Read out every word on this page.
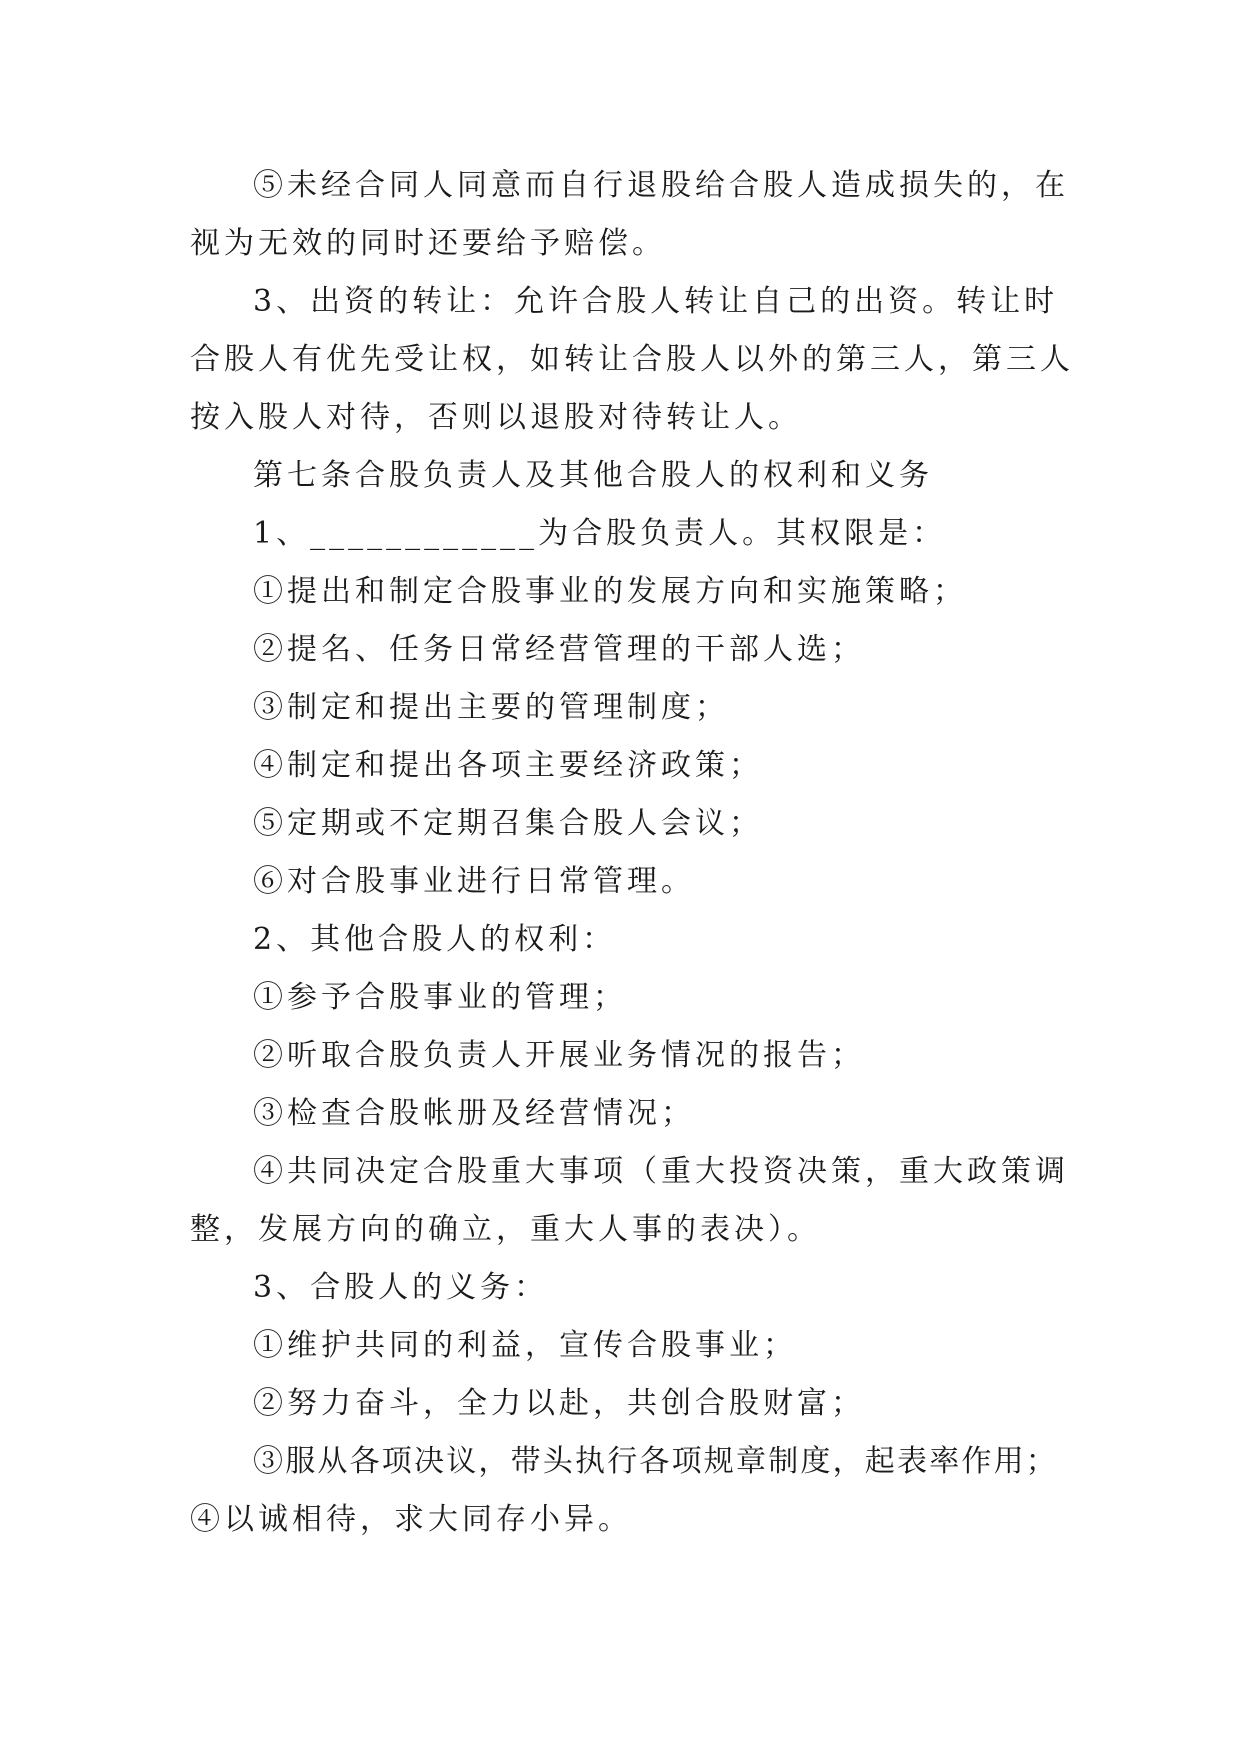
⑤未经合同人同意而自行退股给合股人造成损失的，在
视为无效的同时还要给予赔偿。
3、出资的转让：允许合股人转让自己的出资。转让时
合股人有优先受让权，如转让合股人以外的第三人，第三人
按入股人对待，否则以退股对待转让人。
第七条合股负责人及其他合股人的权利和义务
1、____________为合股负责人。其权限是：
①提出和制定合股事业的发展方向和实施策略；
②提名、任务日常经营管理的干部人选；
③制定和提出主要的管理制度；
④制定和提出各项主要经济政策；
⑤定期或不定期召集合股人会议；
⑥对合股事业进行日常管理。
2、其他合股人的权利：
①参予合股事业的管理；
②听取合股负责人开展业务情况的报告；
③检查合股帐册及经营情况；
④共同决定合股重大事项（重大投资决策，重大政策调
整，发展方向的确立，重大人事的表决）。
3、合股人的义务：
①维护共同的利益，宣传合股事业；
②努力奋斗，全力以赴，共创合股财富；
③服从各项决议，带头执行各项规章制度，起表率作用；
④以诚相待，求大同存小异。
